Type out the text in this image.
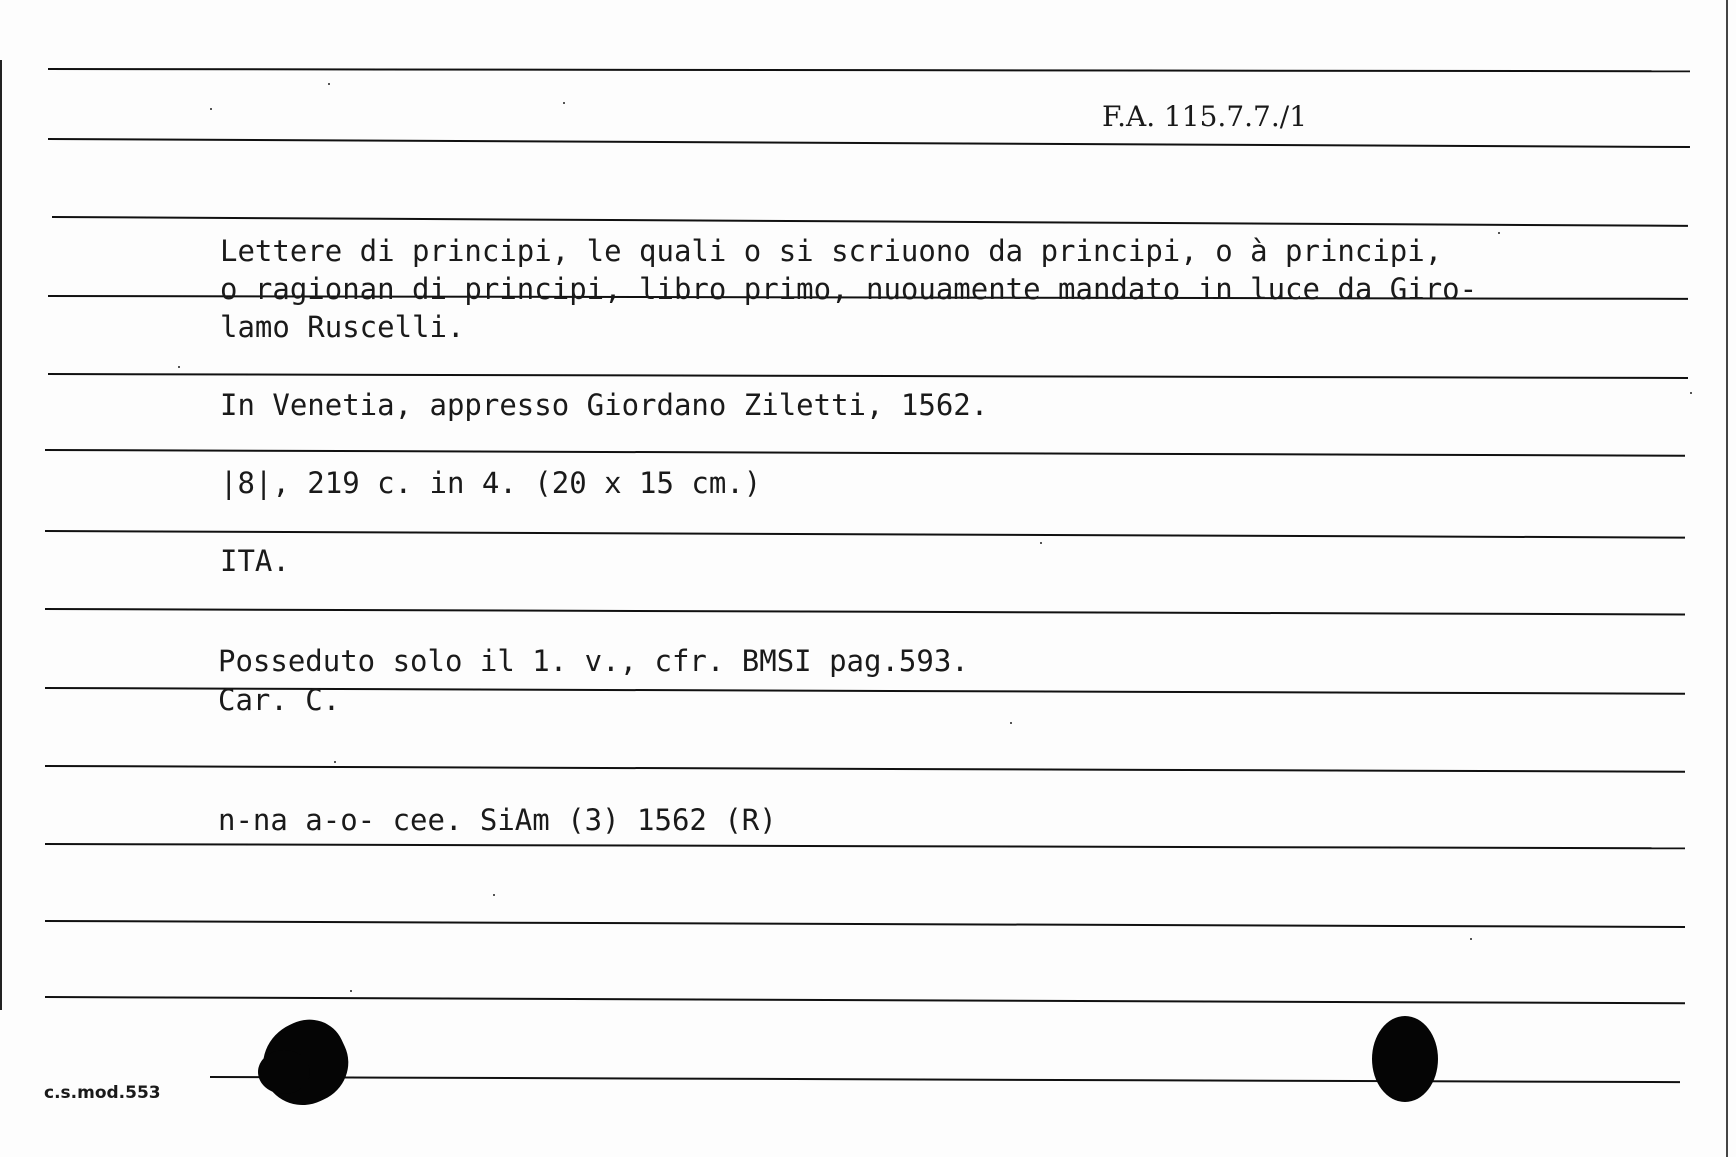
F.A. 115.7.7./1
Lettere di principi, le quali o si scriuono da principi, o à principi,
o ragionan di principi, libro primo, nuouamente mandato in luce da Giro-
lamo Ruscelli.
In Venetia, appresso Giordano Ziletti, 1562.
|8|, 219 c. in 4. (20 x 15 cm.)
ITA.
Posseduto solo il 1. v., cfr. BMSI pag.593.
Car. C.
n-na a-o- cee. SiAm (3) 1562 (R)
c.s.mod.553
